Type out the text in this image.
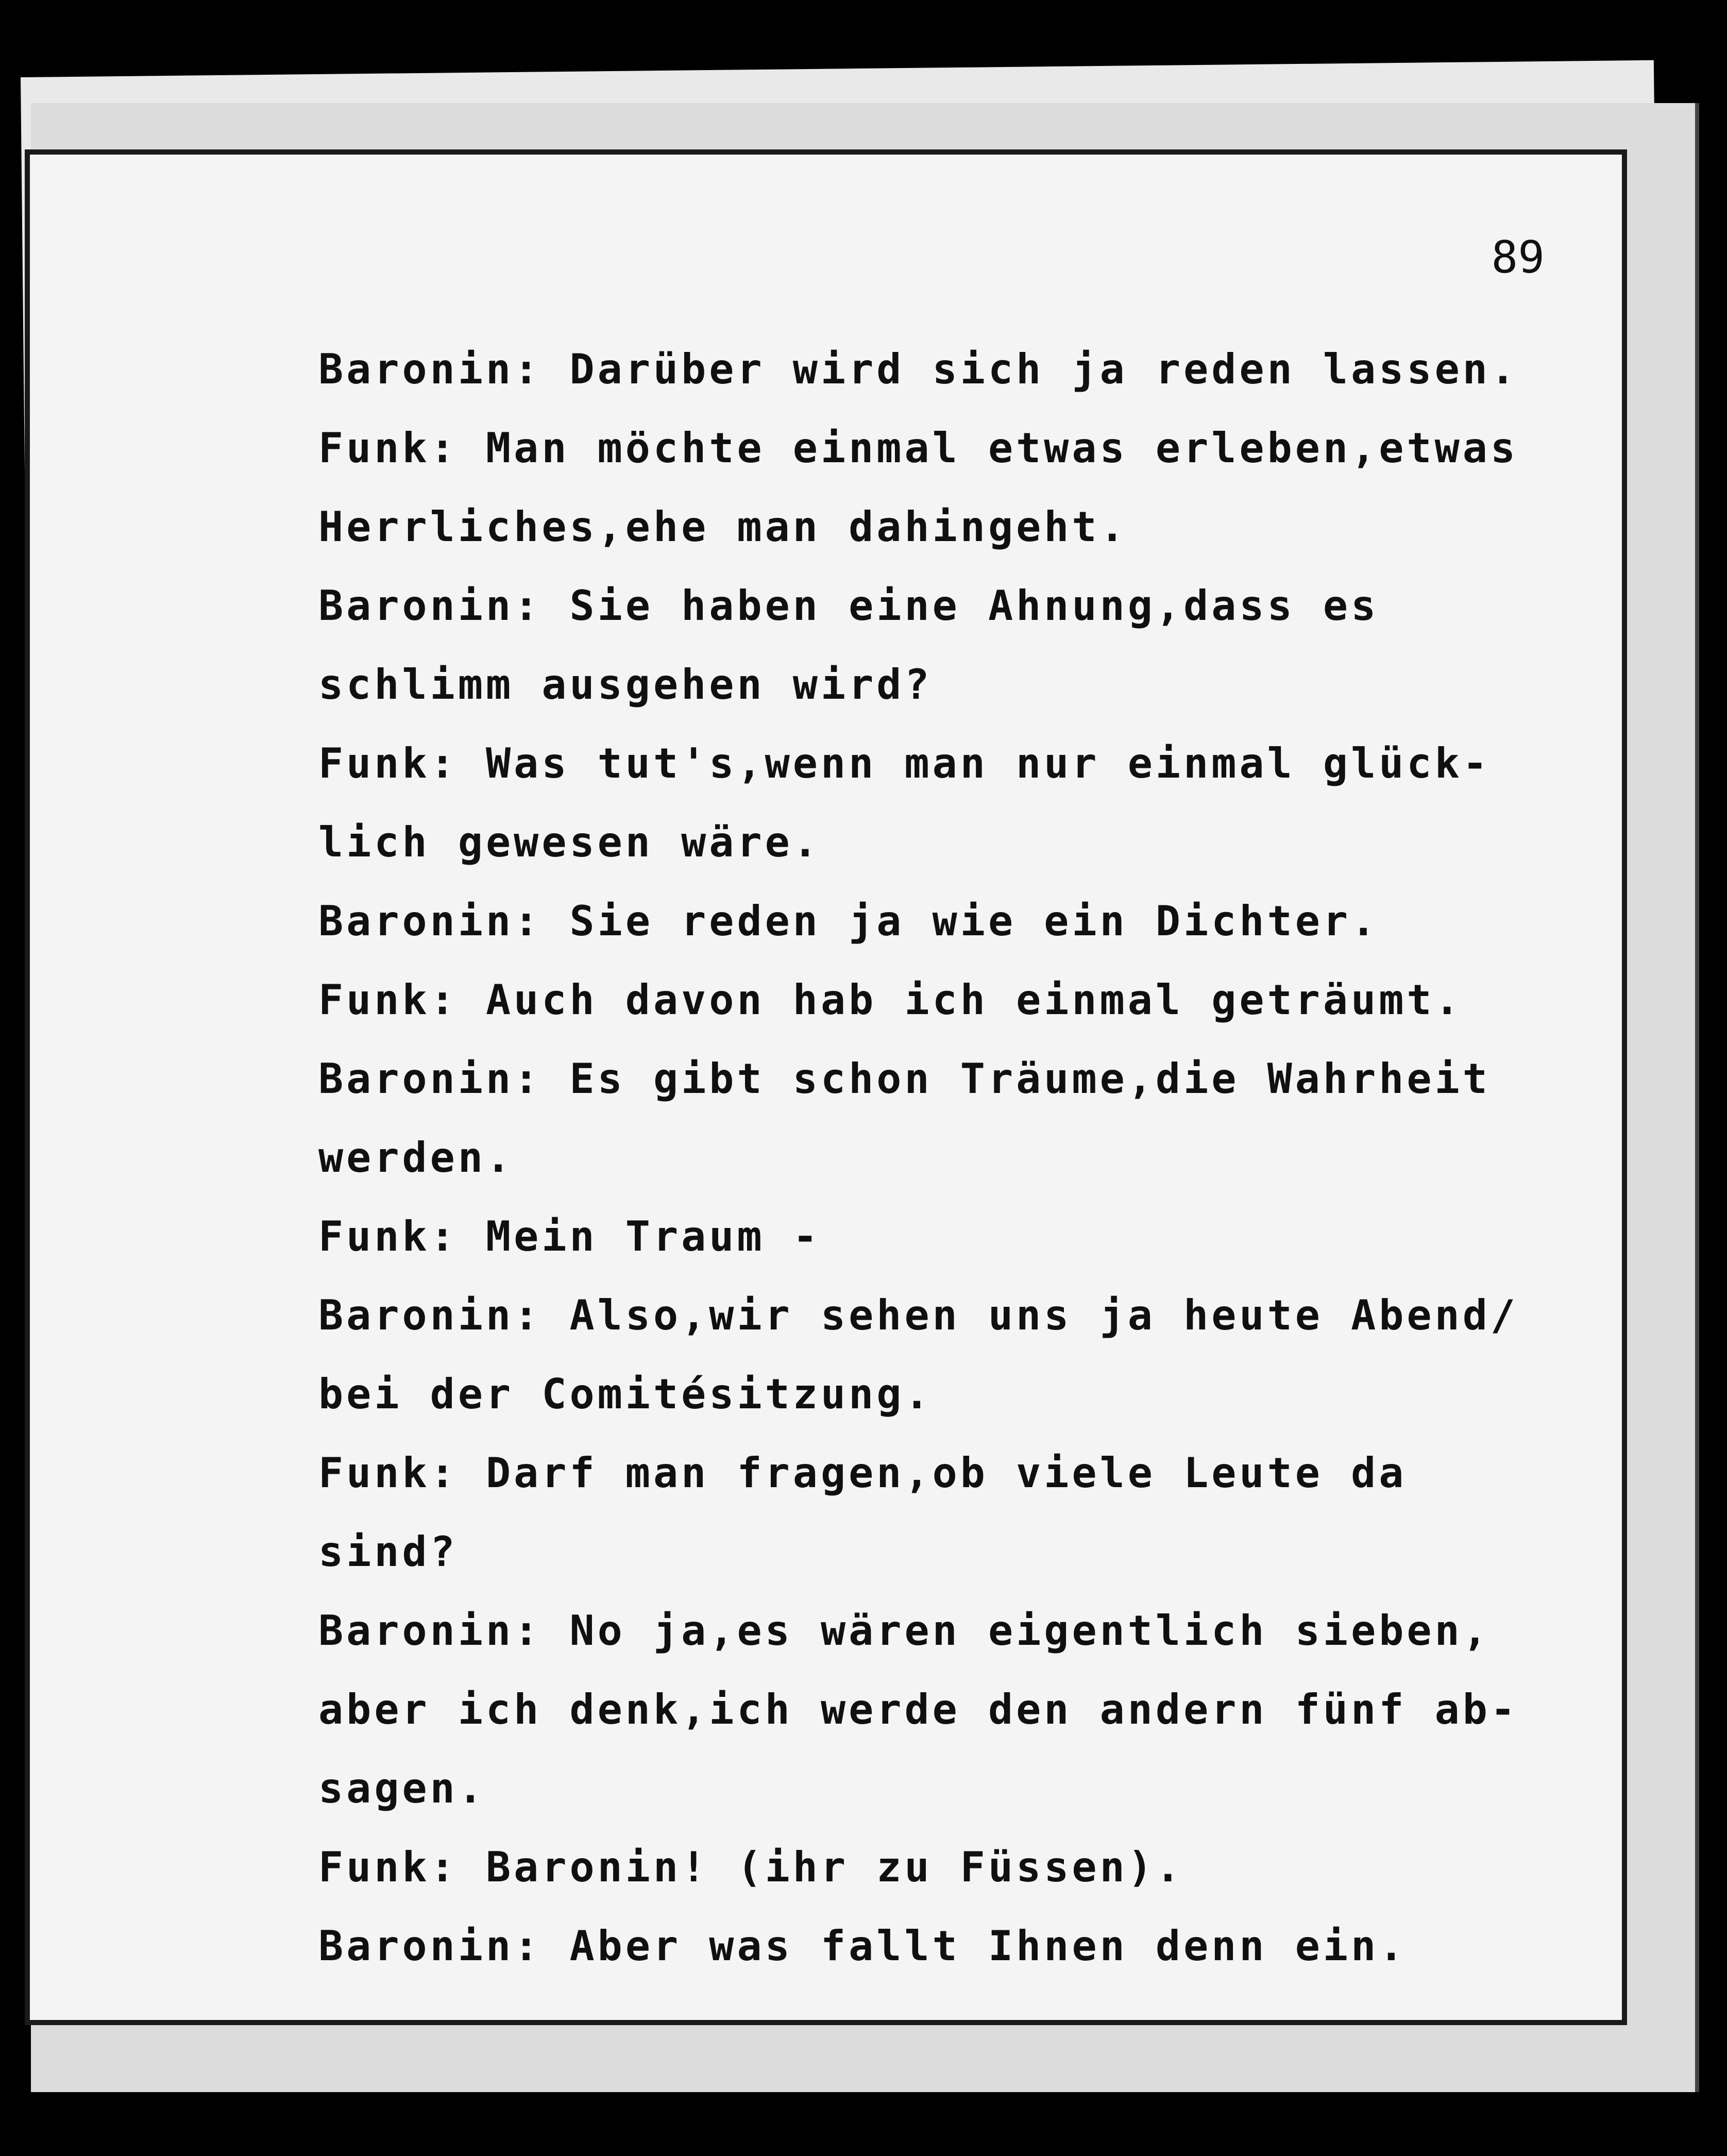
89

Baronin : Darüber wird sich ja reden lassen.
Funk : Man möchte einmal etwas erleben,etwas
Herrliches,ehe man dahingeht.
Baronin : Sie haben eine Ahnung,dass es
schlimm ausgehen wird?
Funk : Was tut's,wenn man nur einmal glück-
lich gewesen wäre.
Baronin : Sie reden ja wie ein Dichter.
Funk : Auch davon hab ich einmal geträumt.
Baronin : Es gibt schon Träume,die Wahrheit
werden.
Funk : Mein Traum -
Baronin : Also,wir sehen uns ja heute Abend/
bei der Comitésitzung.
Funk : Darf man fragen,ob viele Leute da
sind?
Baronin : No ja,es wären eigentlich sieben,
aber ich denk,ich werde den andern fünf ab-
sagen.
Funk : Baronin! (ihr zu Füssen).
Baronin : Aber was fallt Ihnen denn ein.
